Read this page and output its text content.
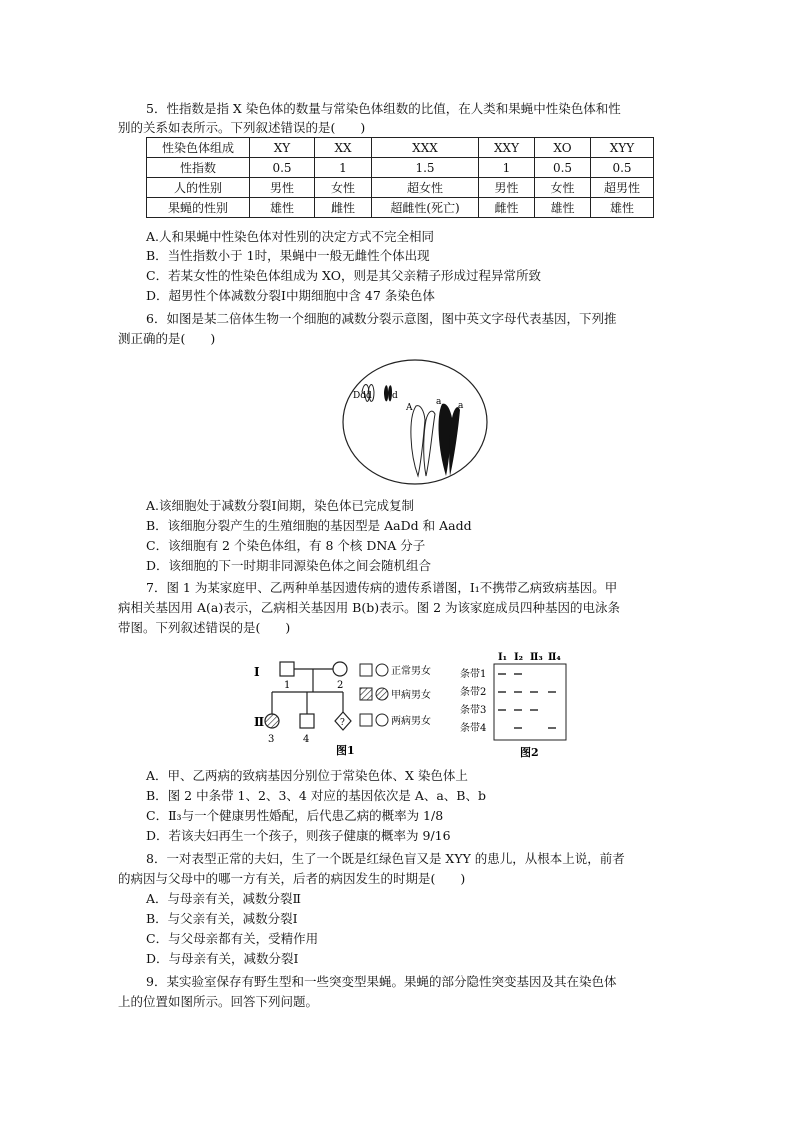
5．性指数是指 X 染色体的数量与常染色体组数的比值，在人类和果蝇中性染色体和性
别的关系如表所示。下列叙述错误的是(　　)
性染色体组成	XY	XX	XXX	XXY	XO	XYY
性指数	0.5	1	1.5	1	0.5	0.5
人的性别	男性	女性	超女性	男性	女性	超男性
果蝇的性别	雄性	雌性	超雌性(死亡)	雌性	雄性	雄性
A.人和果蝇中性染色体对性别的决定方式不完全相同
B．当性指数小于 1时，果蝇中一般无雌性个体出现
C．若某女性的性染色体组成为 XO，则是其父亲精子形成过程异常所致
D．超男性个体减数分裂Ⅰ中期细胞中含 47 条染色体
6．如图是某二倍体生物一个细胞的减数分裂示意图，图中英文字母代表基因，下列推
测正确的是(　　)
Ddd d
A
a a
A.该细胞处于减数分裂Ⅰ间期，染色体已完成复制
B．该细胞分裂产生的生殖细胞的基因型是 AaDd 和 Aadd
C．该细胞有 2 个染色体组，有 8 个核 DNA 分子
D．该细胞的下一时期非同源染色体之间会随机组合
7．图 1 为某家庭甲、乙两种单基因遗传病的遗传系谱图，Ⅰ₁不携带乙病致病基因。甲
病相关基因用 A(a)表示，乙病相关基因用 B(b)表示。图 2 为该家庭成员四种基因的电泳条
带图。下列叙述错误的是(　　)
Ⅰ
1	2
Ⅱ	?
3	4
图1
正常男女
甲病男女
两病男女
Ⅰ₁ Ⅰ₂ Ⅱ₃ Ⅱ₄
条带1
条带2
条带3
条带4
图2
A．甲、乙两病的致病基因分别位于常染色体、X 染色体上
B．图 2 中条带 1、2、3、4 对应的基因依次是 A、a、B、b
C．Ⅱ₃与一个健康男性婚配，后代患乙病的概率为 1/8
D．若该夫妇再生一个孩子，则孩子健康的概率为 9/16
8．一对表型正常的夫妇，生了一个既是红绿色盲又是 XYY 的患儿，从根本上说，前者
的病因与父母中的哪一方有关，后者的病因发生的时期是(　　)
A．与母亲有关，减数分裂Ⅱ
B．与父亲有关，减数分裂Ⅰ
C．与父母亲都有关，受精作用
D．与母亲有关，减数分裂Ⅰ
9．某实验室保存有野生型和一些突变型果蝇。果蝇的部分隐性突变基因及其在染色体
上的位置如图所示。回答下列问题。
